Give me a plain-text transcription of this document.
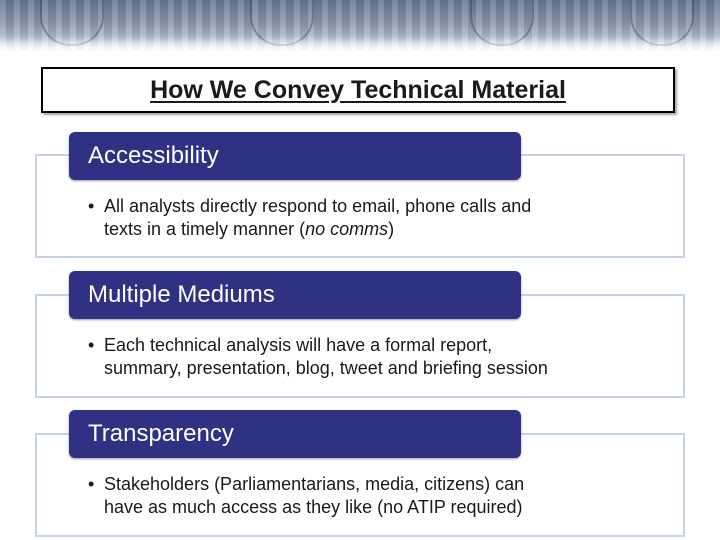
How We Convey Technical Material
Accessibility
• All analysts directly respond to email, phone calls and
texts in a timely manner (no comms)
Multiple Mediums
• Each technical analysis will have a formal report,
summary, presentation, blog, tweet and briefing session
Transparency
• Stakeholders (Parliamentarians, media, citizens) can
have as much access as they like (no ATIP required)
